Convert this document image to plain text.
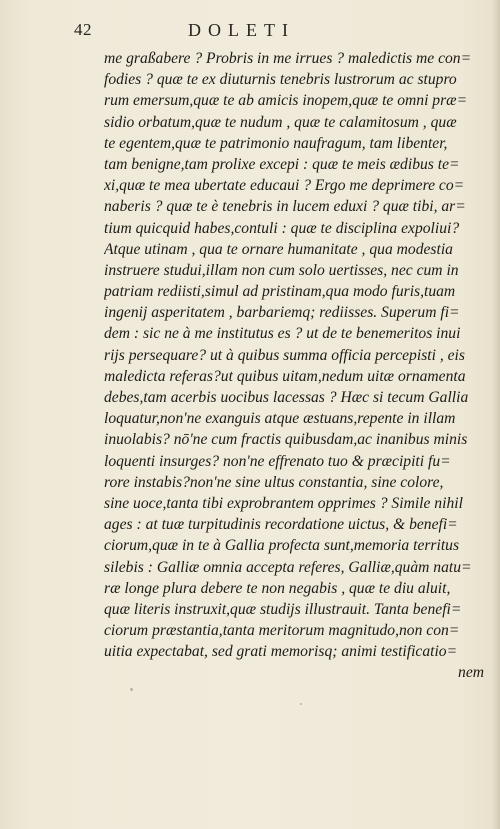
42	DOLETI
me graßabere ? Probris in me irrues ? maledictis me con=
fodies ? quæ te ex diuturnis tenebris lustrorum ac stupro
rum emersum,quæ te ab amicis inopem,quæ te omni præ=
sidio orbatum,quæ te nudum , quæ te calamitosum , quæ
te egentem,quæ te patrimonio naufragum, tam libenter,
tam benigne,tam prolixe excepi : quæ te meis ædibus te=
xi,quæ te mea ubertate educaui ? Ergo me deprimere co=
naberis ? quæ te è tenebris in lucem eduxi ? quæ tibi, ar=
tium quicquid habes,contuli : quæ te disciplina expoliui?
Atque utinam , qua te ornare humanitate , qua modestia
instruere studui,illam non cum solo uertisses, nec cum in
patriam rediisti,simul ad pristinam,qua modo furis,tuam
ingenij asperitatem , barbariemq; rediisses. Superum fi=
dem : sic ne à me institutus es ? ut de te benemeritos inui
rijs persequare? ut à quibus summa officia percepisti , eis
maledicta referas?ut quibus uitam,nedum uitæ ornamenta
debes,tam acerbis uocibus lacessas ? Hæc si tecum Gallia
loquatur,non'ne exanguis atque æstuans,repente in illam
inuolabis? nō'ne cum fractis quibusdam,ac inanibus minis
loquenti insurges? non'ne effrenato tuo & præcipiti fu=
rore instabis?non'ne sine ultus constantia, sine colore,
sine uoce,tanta tibi exprobrantem opprimes ? Simile nihil
ages : at tuæ turpitudinis recordatione uictus, & benefi=
ciorum,quæ in te à Gallia profecta sunt,memoria territus
silebis : Galliæ omnia accepta referes, Galliæ,quàm natu=
ræ longe plura debere te non negabis , quæ te diu aluit,
quæ literis instruxit,quæ studijs illustrauit. Tanta benefi=
ciorum præstantia,tanta meritorum magnitudo,non con=
uitia expectabat, sed grati memorisq; animi testificatio=
nem
